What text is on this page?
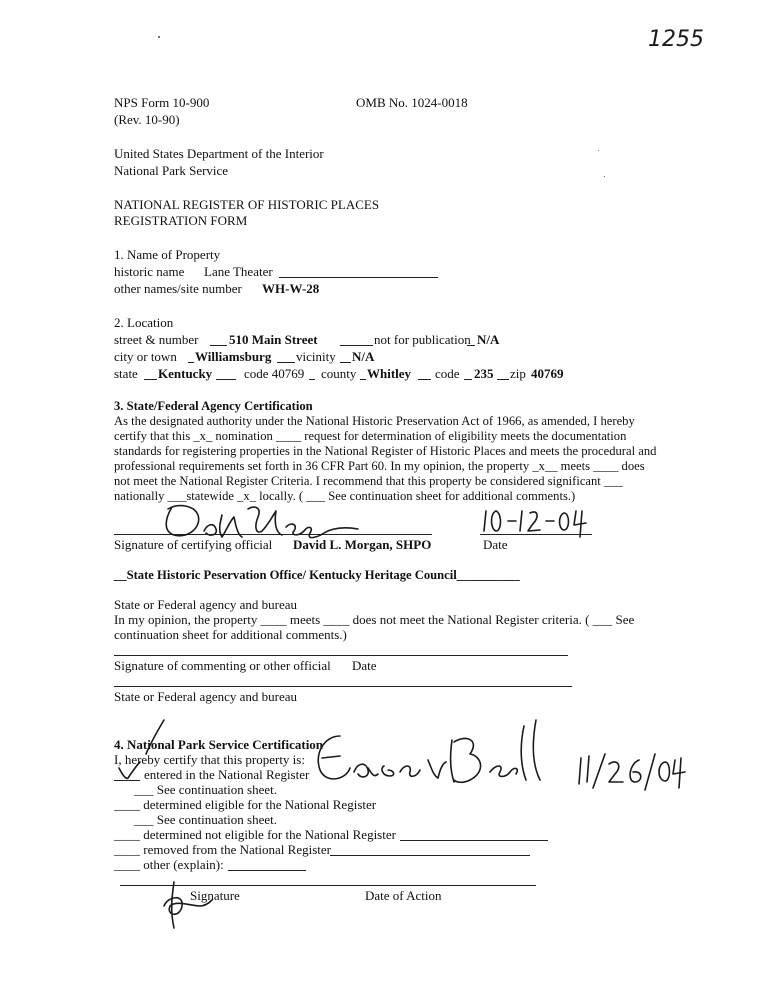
1255
NPS Form 10-900	OMB No. 1024-0018
(Rev. 10-90)
United States Department of the Interior
National Park Service
NATIONAL REGISTER OF HISTORIC PLACES
REGISTRATION FORM
1. Name of Property
historic name Lane Theater
other names/site number WH-W-28
2. Location
street & number 510 Main Street	not for publication N/A
city or town Williamsburg vicinity N/A
state Kentucky code 40769 county Whitley code 235 zip 40769
3. State/Federal Agency Certification
As the designated authority under the National Historic Preservation Act of 1966, as amended, I hereby
certify that this _x_ nomination ____ request for determination of eligibility meets the documentation
standards for registering properties in the National Register of Historic Places and meets the procedural and
professional requirements set forth in 36 CFR Part 60. In my opinion, the property _x__ meets ____ does
not meet the National Register Criteria. I recommend that this property be considered significant ___
nationally ___statewide _x_ locally. ( ___ See continuation sheet for additional comments.)
Signature of certifying official David L. Morgan, SHPO	Date
__State Historic Peservation Office/ Kentucky Heritage Council__________
State or Federal agency and bureau
In my opinion, the property ____ meets ____ does not meet the National Register criteria. ( ___ See
continuation sheet for additional comments.)
Signature of commenting or other official Date
State or Federal agency and bureau
4. National Park Service Certification
I, hereby certify that this property is:
entered in the National Register
___ See continuation sheet.
____ determined eligible for the National Register
___ See continuation sheet.
____ determined not eligible for the National Register
____ removed from the National Register
____ other (explain):
Signature	Date of Action
